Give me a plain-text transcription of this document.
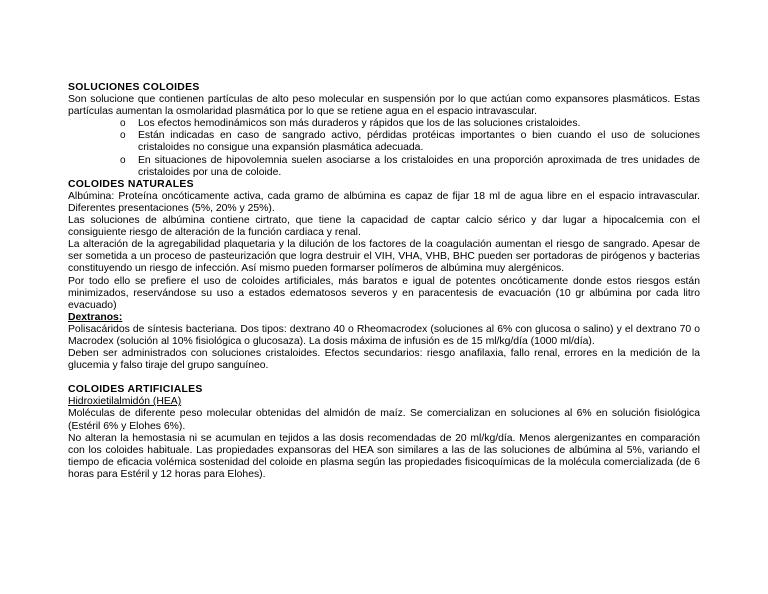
SOLUCIONES COLOIDES

Son solucione que contienen partículas de alto peso molecular en suspensión por lo que actúan como expansores plasmáticos. Estas partículas aumentan la osmolaridad plasmática por lo que se retiene agua en el espacio intravascular.

o Los efectos hemodinámicos son más duraderos y rápidos que los de las soluciones cristaloides.
o Están indicadas en caso de sangrado activo, pérdidas protéicas importantes o bien cuando el uso de soluciones cristaloides no consigue una expansión plasmática adecuada.
o En situaciones de hipovolemnia suelen asociarse a los cristaloides en una proporción aproximada de tres unidades de cristaloides por una de coloide.

COLOIDES NATURALES

Albúmina: Proteína oncóticamente activa, cada gramo de albúmina es capaz de fijar 18 ml de agua libre en el espacio intravascular. Diferentes presentaciones (5%, 20% y 25%).

Las soluciones de albúmina contiene cirtrato, que tiene la capacidad de captar calcio sérico y dar lugar a hipocalcemia con el consiguiente riesgo de alteración de la función cardiaca y renal.

La alteración de la agregabilidad plaquetaria y la dilución de los factores de la coagulación aumentan el riesgo de sangrado. Apesar de ser sometida a un proceso de pasteurización que logra destruir el VIH, VHA, VHB, BHC pueden ser portadoras de pirógenos y bacterias constituyendo un riesgo de infección. Así mismo pueden formarser polímeros de albúmina muy alergénicos.

Por todo ello se prefiere el uso de coloides artificiales, más baratos e igual de potentes oncóticamente donde estos riesgos están minimizados, reservándose su uso a estados edematosos severos y en paracentesis de evacuación (10 gr albúmina por cada litro evacuado)

Dextranos:

Polisacáridos de síntesis bacteriana. Dos tipos: dextrano 40 o Rheomacrodex (soluciones al 6% con glucosa o salino) y el dextrano 70 o Macrodex (solución al 10% fisiológica o glucosaza). La dosis máxima de infusión es de 15 ml/kg/día (1000 ml/día).

Deben ser administrados con soluciones cristaloides. Efectos secundarios: riesgo anafilaxia, fallo renal, errores en la medición de la glucemia y falso tiraje del grupo sanguíneo.

COLOIDES ARTIFICIALES

Hidroxietilalmidón (HEA)

Moléculas de diferente peso molecular obtenidas del almidón de maíz. Se comercializan en soluciones al 6% en solución fisiológica (Estéril 6% y Elohes 6%).

No alteran la hemostasia ni se acumulan en tejidos a las dosis recomendadas de 20 ml/kg/día. Menos alergenizantes en comparación con los coloides habituale. Las propiedades expansoras del HEA son similares a las de las soluciones de albúmina al 5%, variando el tiempo de eficacia volémica sostenidad del coloide en plasma según las propiedades fisicoquímicas de la molécula comercializada (de 6 horas para Estéril y 12 horas para Elohes).
